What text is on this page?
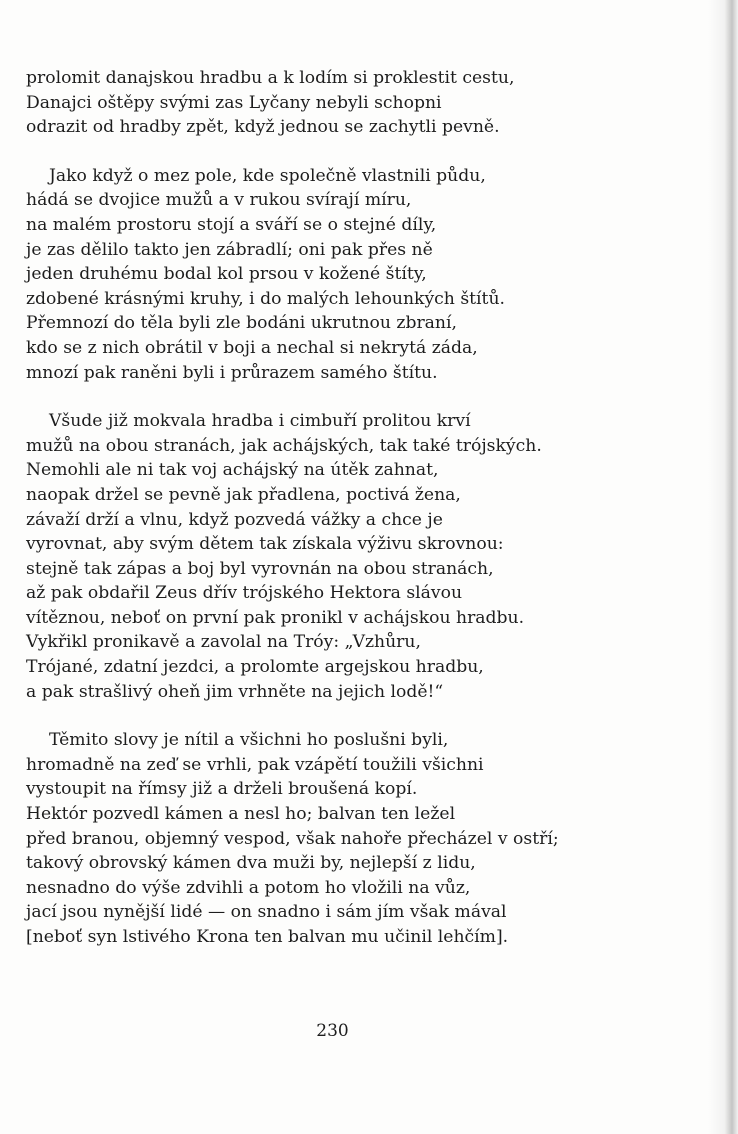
prolomit danajskou hradbu a k lodím si proklestit cestu,
Danajci oštěpy svými zas Lyčany nebyli schopni
odrazit od hradby zpět, když jednou se zachytli pevně.
Jako když o mez pole, kde společně vlastnili půdu,
hádá se dvojice mužů a v rukou svírají míru,
na malém prostoru stojí a sváří se o stejné díly,
je zas dělilo takto jen zábradlí; oni pak přes ně
jeden druhému bodal kol prsou v kožené štíty,
zdobené krásnými kruhy, i do malých lehounkých štítů.
Přemnozí do těla byli zle bodáni ukrutnou zbraní,
kdo se z nich obrátil v boji a nechal si nekrytá záda,
mnozí pak raněni byli i průrazem samého štítu.
Všude již mokvala hradba i cimbuří prolitou krví
mužů na obou stranách, jak achájských, tak také trójských.
Nemohli ale ni tak voj achájský na útěk zahnat,
naopak držel se pevně jak přadlena, poctivá žena,
závaží drží a vlnu, když pozvedá vážky a chce je
vyrovnat, aby svým dětem tak získala výživu skrovnou:
stejně tak zápas a boj byl vyrovnán na obou stranách,
až pak obdařil Zeus dřív trójského Hektora slávou
vítěznou, neboť on první pak pronikl v achájskou hradbu.
Vykřikl pronikavě a zavolal na Tróy: „Vzhůru,
Trójané, zdatní jezdci, a prolomte argejskou hradbu,
a pak strašlivý oheň jim vrhněte na jejich lodě!“
Těmito slovy je nítil a všichni ho poslušni byli,
hromadně na zeď se vrhli, pak vzápětí toužili všichni
vystoupit na římsy již a drželi broušená kopí.
Hektór pozvedl kámen a nesl ho; balvan ten ležel
před branou, objemný vespod, však nahoře přecházel v ostří;
takový obrovský kámen dva muži by, nejlepší z lidu,
nesnadno do výše zdvihli a potom ho vložili na vůz,
jací jsou nynější lidé — on snadno i sám jím však mával
[neboť syn lstivého Krona ten balvan mu učinil lehčím].
230
